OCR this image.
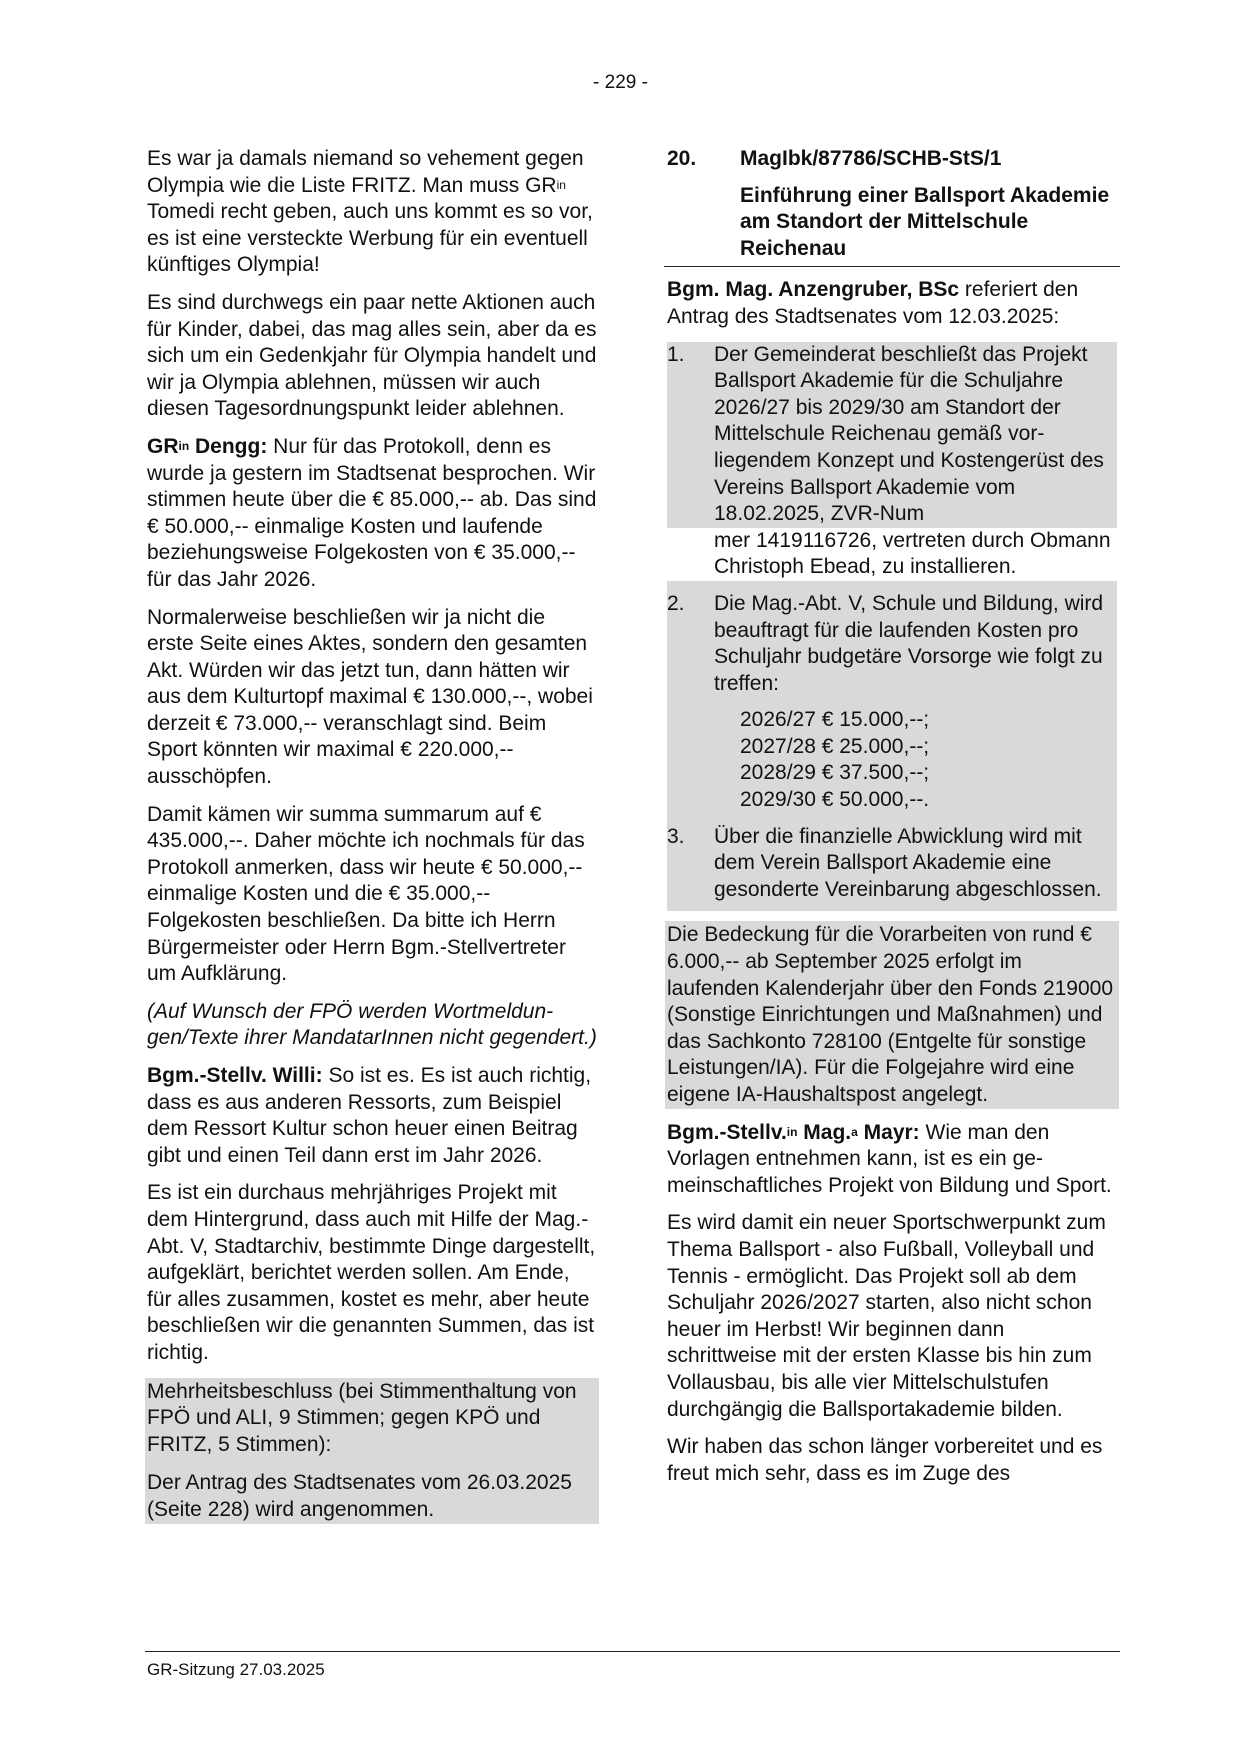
- 229 -

Es war ja damals niemand so vehement gegen Olympia wie die Liste FRITZ. Man muss $GR^{in}$ Tomedi recht geben, auch uns kommt es so vor, es ist eine versteckte Werbung für ein eventuell künftiges Olympia!

Es sind durchwegs ein paar nette Aktionen auch für Kinder, dabei, das mag alles sein, aber da es sich um ein Gedenkjahr für Olympia handelt und wir ja Olympia ablehnen, müssen wir auch diesen Tagesordnungspunkt leider ablehnen.

$GR^{in}$ Dengg: Nur für das Protokoll, denn es wurde ja gestern im Stadtsenat besprochen. Wir stimmen heute über die € 85.000,-- ab. Das sind € 50.000,-- einmalige Kosten und laufende beziehungsweise Folgekosten von € 35.000,-- für das Jahr 2026.

Normalerweise beschließen wir ja nicht die erste Seite eines Aktes, sondern den gesamten Akt. Würden wir das jetzt tun, dann hätten wir aus dem Kulturtopf maximal € 130.000,--, wobei derzeit € 73.000,-- veranschlagt sind. Beim Sport könnten wir maximal € 220.000,-- ausschöpfen.

Damit kämen wir summa summarum auf € 435.000,--. Daher möchte ich nochmals für das Protokoll anmerken, dass wir heute € 50.000,-- einmalige Kosten und die € 35.000,-- Folgekosten beschließen. Da bitte ich Herrn Bürgermeister oder Herrn Bgm.-Stellvertreter um Aufklärung.

(Auf Wunsch der FPÖ werden Wortmeldungen/Texte ihrer MandatarInnen nicht gegendert.)

Bgm.-Stellv. Willi: So ist es. Es ist auch richtig, dass es aus anderen Ressorts, zum Beispiel dem Ressort Kultur schon heuer einen Beitrag gibt und einen Teil dann erst im Jahr 2026.

Es ist ein durchaus mehrjähriges Projekt mit dem Hintergrund, dass auch mit Hilfe der Mag.-Abt. V, Stadtarchiv, bestimmte Dinge dargestellt, aufgeklärt, berichtet werden sollen. Am Ende, für alles zusammen, kostet es mehr, aber heute beschließen wir die genannten Summen, das ist richtig.

Mehrheitsbeschluss (bei Stimmenthaltung von FPÖ und ALI, 9 Stimmen; gegen KPÖ und FRITZ, 5 Stimmen):

Der Antrag des Stadtsenates vom 26.03.2025 (Seite 228) wird angenommen.

20.	MagIbk/87786/SCHB-StS/1
Einführung einer Ballsport Akademie am Standort der Mittelschule Reichenau

Bgm. Mag. Anzengruber, BSc referiert den Antrag des Stadtsenates vom 12.03.2025:

1.	Der Gemeinderat beschließt das Projekt Ballsport Akademie für die Schuljahre 2026/27 bis 2029/30 am Standort der Mittelschule Reichenau gemäß vorliegendem Konzept und Kostengerüst des Vereins Ballsport Akademie vom 18.02.2025, ZVR-Num
mer 1419116726, vertreten durch Obmann Christoph Ebead, zu installieren.
2.	Die Mag.-Abt. V, Schule und Bildung, wird beauftragt für die laufenden Kosten pro Schuljahr budgetäre Vorsorge wie folgt zu treffen:
2026/27 € 15.000,--;
2027/28 € 25.000,--;
2028/29 € 37.500,--;
2029/30 € 50.000,--.
3.	Über die finanzielle Abwicklung wird mit dem Verein Ballsport Akademie eine gesonderte Vereinbarung abgeschlossen.

Die Bedeckung für die Vorarbeiten von rund € 6.000,-- ab September 2025 erfolgt im laufenden Kalenderjahr über den Fonds 219000 (Sonstige Einrichtungen und Maßnahmen) und das Sachkonto 728100 (Entgelte für sonstige Leistungen/IA). Für die Folgejahre wird eine eigene IA-Haushaltspost angelegt.

Bgm.-Stellv.$^{in}$ Mag.$^a$ Mayr: Wie man den Vorlagen entnehmen kann, ist es ein gemeinschaftliches Projekt von Bildung und Sport.

Es wird damit ein neuer Sportschwerpunkt zum Thema Ballsport - also Fußball, Volleyball und Tennis - ermöglicht. Das Projekt soll ab dem Schuljahr 2026/2027 starten, also nicht schon heuer im Herbst! Wir beginnen dann schrittweise mit der ersten Klasse bis hin zum Vollausbau, bis alle vier Mittelschulstufen durchgängig die Ballsportakademie bilden.

Wir haben das schon länger vorbereitet und es freut mich sehr, dass es im Zuge des

GR-Sitzung 27.03.2025
